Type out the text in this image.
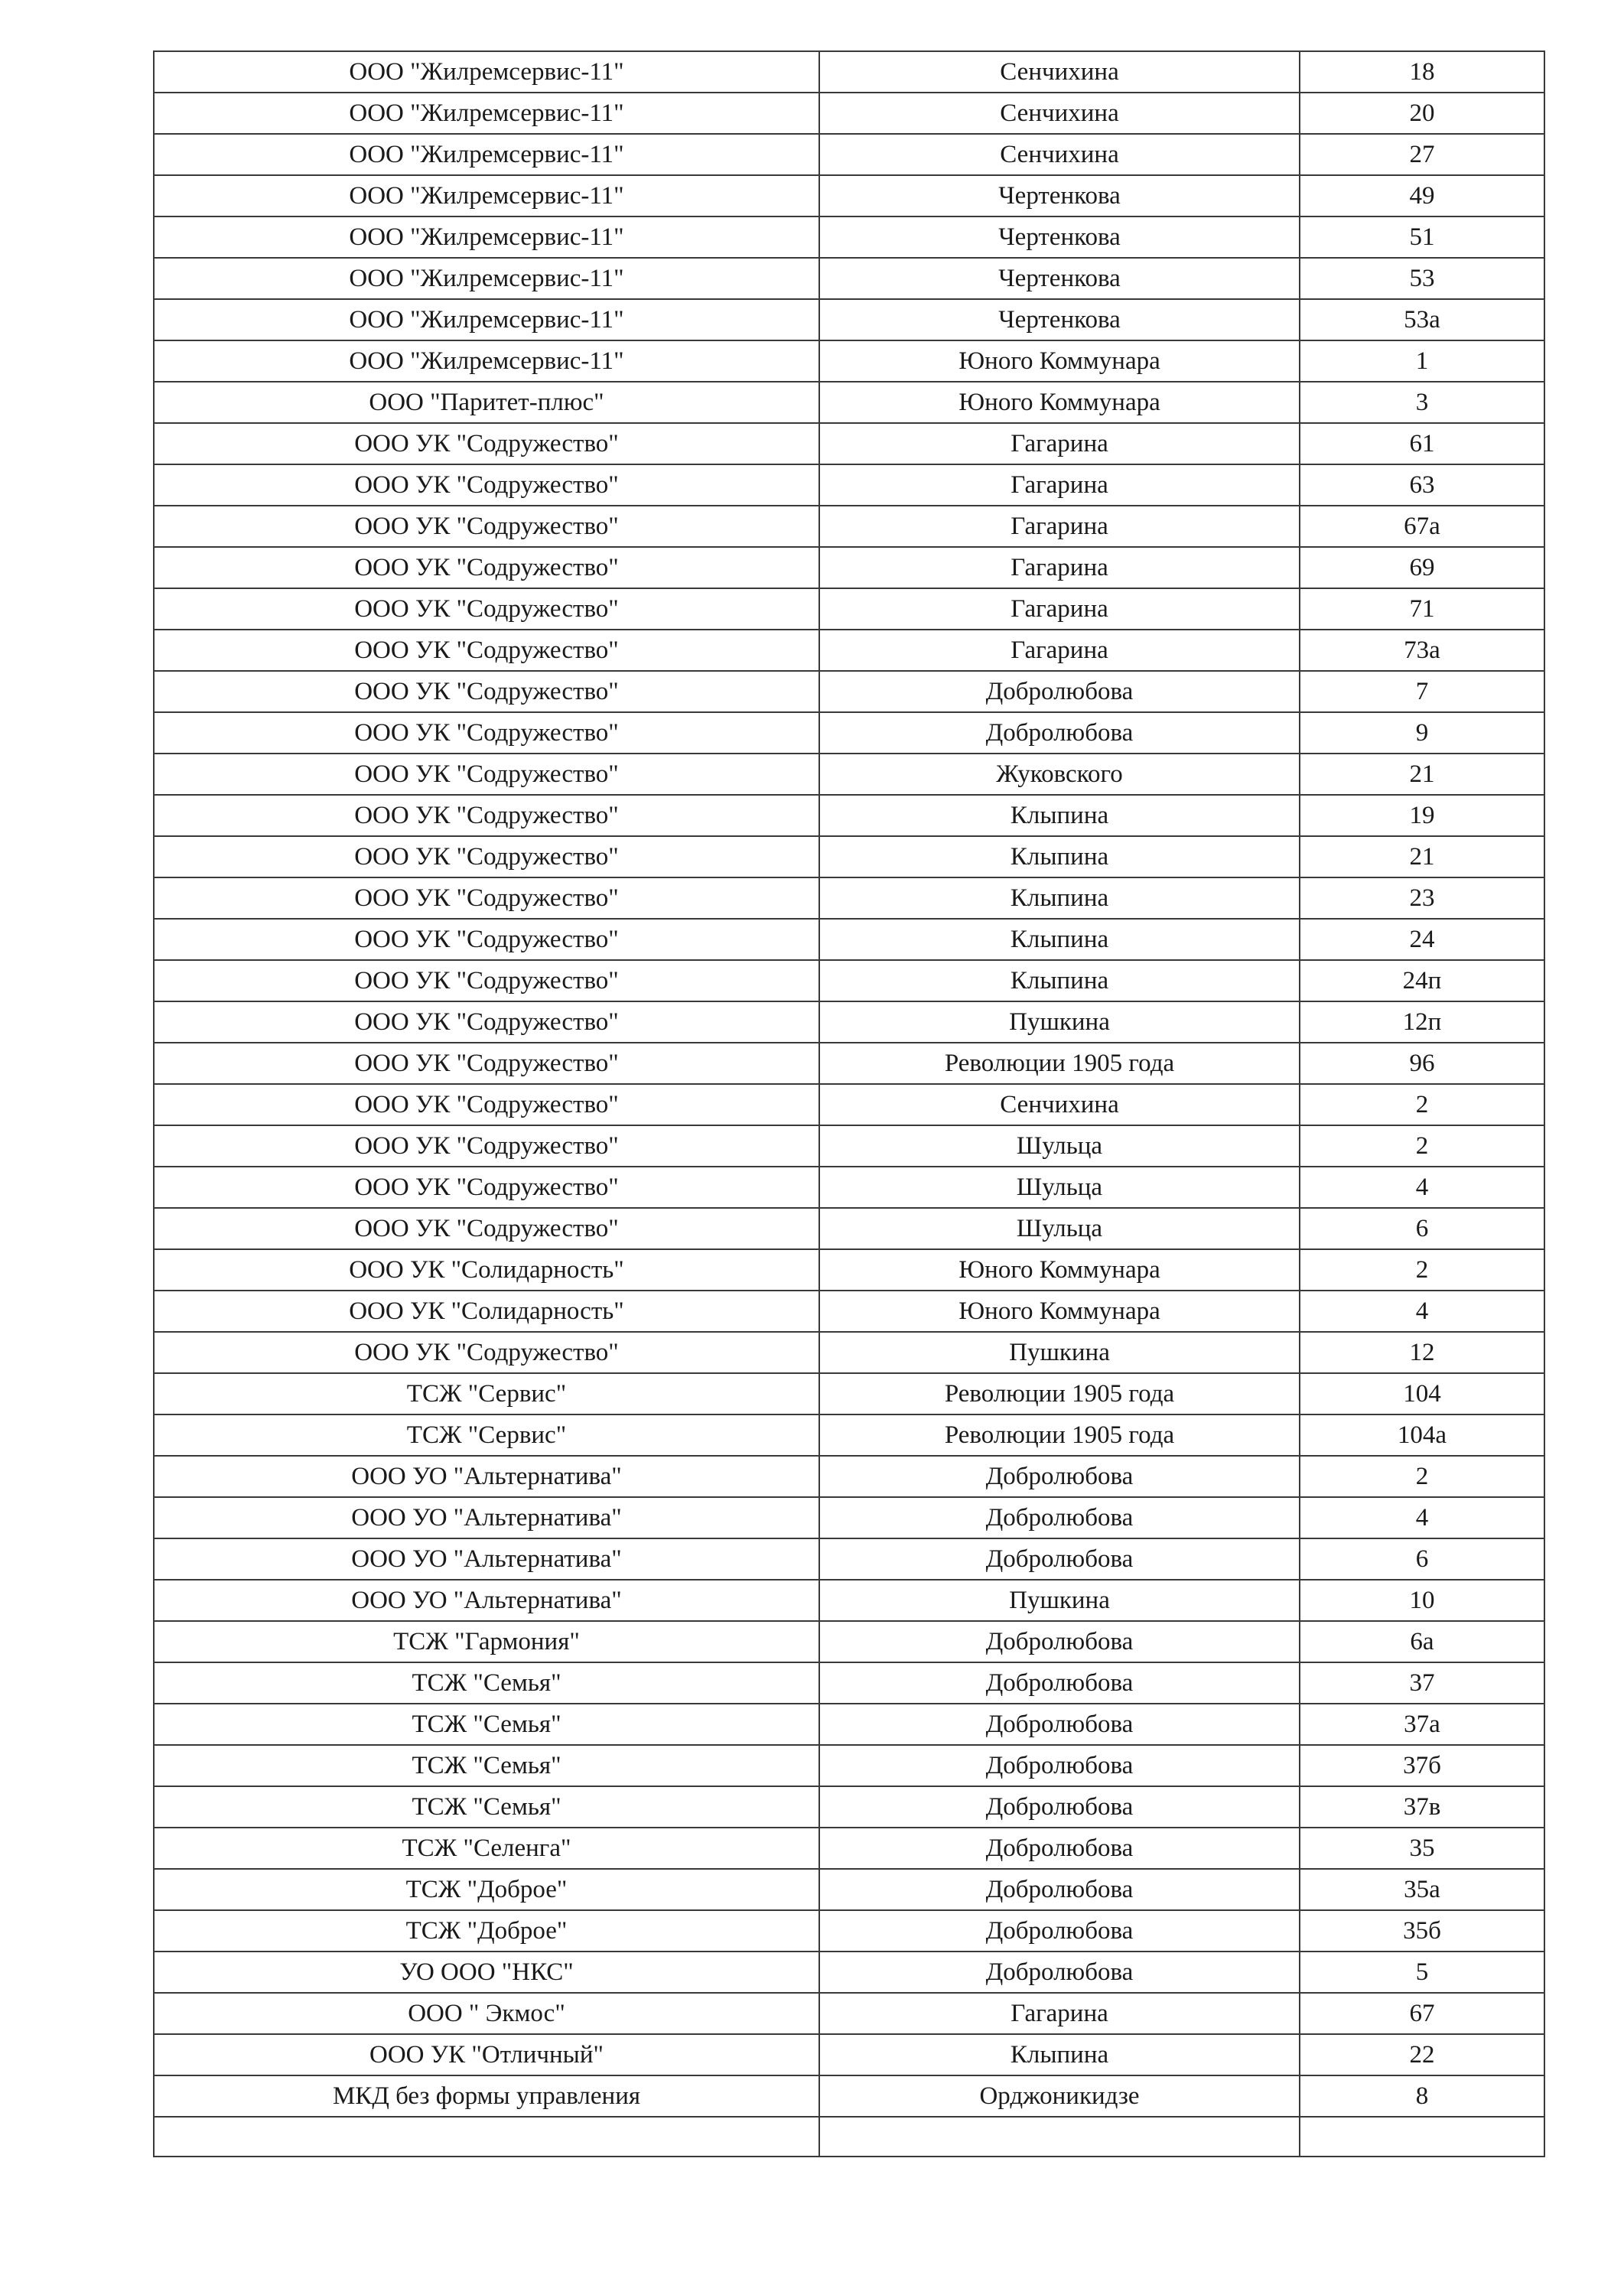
ООО "Жилремсервис-11"	Сенчихина	18
ООО "Жилремсервис-11"	Сенчихина	20
ООО "Жилремсервис-11"	Сенчихина	27
ООО "Жилремсервис-11"	Чертенкова	49
ООО "Жилремсервис-11"	Чертенкова	51
ООО "Жилремсервис-11"	Чертенкова	53
ООО "Жилремсервис-11"	Чертенкова	53а
ООО "Жилремсервис-11"	Юного Коммунара	1
ООО "Паритет-плюс"	Юного Коммунара	3
ООО УК "Содружество"	Гагарина	61
ООО УК "Содружество"	Гагарина	63
ООО УК "Содружество"	Гагарина	67а
ООО УК "Содружество"	Гагарина	69
ООО УК "Содружество"	Гагарина	71
ООО УК "Содружество"	Гагарина	73а
ООО УК "Содружество"	Добролюбова	7
ООО УК "Содружество"	Добролюбова	9
ООО УК "Содружество"	Жуковского	21
ООО УК "Содружество"	Клыпина	19
ООО УК "Содружество"	Клыпина	21
ООО УК "Содружество"	Клыпина	23
ООО УК "Содружество"	Клыпина	24
ООО УК "Содружество"	Клыпина	24п
ООО УК "Содружество"	Пушкина	12п
ООО УК "Содружество"	Революции 1905 года	96
ООО УК "Содружество"	Сенчихина	2
ООО УК "Содружество"	Шульца	2
ООО УК "Содружество"	Шульца	4
ООО УК "Содружество"	Шульца	6
ООО УК "Солидарность"	Юного Коммунара	2
ООО УК "Солидарность"	Юного Коммунара	4
ООО УК "Содружество"	Пушкина	12
ТСЖ "Сервис"	Революции 1905 года	104
ТСЖ "Сервис"	Революции 1905 года	104а
ООО УО "Альтернатива"	Добролюбова	2
ООО УО "Альтернатива"	Добролюбова	4
ООО УО "Альтернатива"	Добролюбова	6
ООО УО "Альтернатива"	Пушкина	10
ТСЖ "Гармония"	Добролюбова	6а
ТСЖ "Семья"	Добролюбова	37
ТСЖ "Семья"	Добролюбова	37а
ТСЖ "Семья"	Добролюбова	37б
ТСЖ "Семья"	Добролюбова	37в
ТСЖ "Селенга"	Добролюбова	35
ТСЖ "Доброе"	Добролюбова	35а
ТСЖ "Доброе"	Добролюбова	35б
УО ООО "НКС"	Добролюбова	5
ООО " Экмос"	Гагарина	67
ООО УК "Отличный"	Клыпина	22
МКД без формы управления	Орджоникидзе	8
